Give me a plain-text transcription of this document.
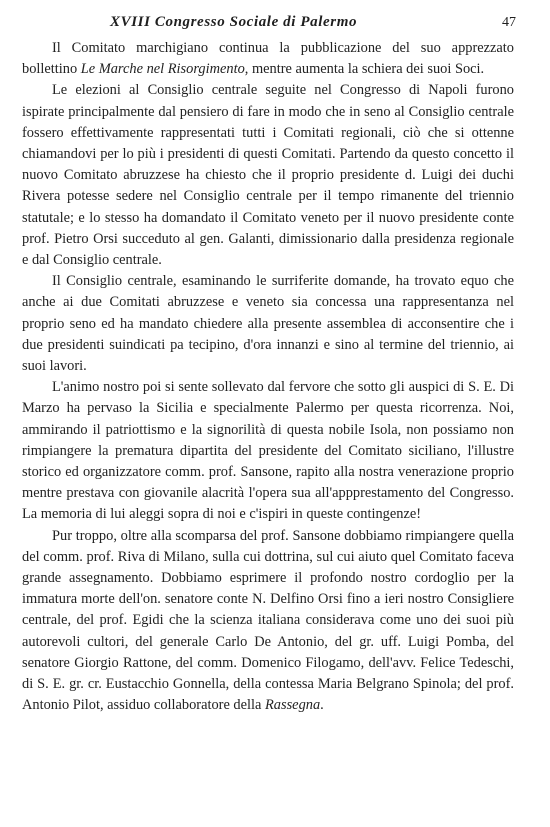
XVIII Congresso Sociale di Palermo	47

Il Comitato marchigiano continua la pubblicazione del suo apprezzato bollettino Le Marche nel Risorgimento, mentre aumenta la schiera dei suoi Soci.

Le elezioni al Consiglio centrale seguite nel Congresso di Napoli furono ispirate principalmente dal pensiero di fare in modo che in seno al Consiglio centrale fossero effettivamente rappresentati tutti i Comitati regionali, ciò che si ottenne chiamandovi per lo più i presidenti di questi Comitati. Partendo da questo concetto il nuovo Comitato abruzzese ha chiesto che il proprio presidente d. Luigi dei duchi Rivera potesse sedere nel Consiglio centrale per il tempo rimanente del triennio statutale; e lo stesso ha domandato il Comitato veneto per il nuovo presidente conte prof. Pietro Orsi succeduto al gen. Galanti, dimissionario dalla presidenza regionale e dal Consiglio centrale.

Il Consiglio centrale, esaminando le surriferite domande, ha trovato equo che anche ai due Comitati abruzzese e veneto sia concessa una rappresentanza nel proprio seno ed ha mandato chiedere alla presente assemblea di acconsentire che i due presidenti suindicati pa tecipino, d'ora innanzi e sino al termine del triennio, ai suoi lavori.

L'animo nostro poi si sente sollevato dal fervore che sotto gli auspici di S. E. Di Marzo ha pervaso la Sicilia e specialmente Palermo per questa ricorrenza. Noi, ammirando il patriottismo e la signorilità di questa nobile Isola, non possiamo non rimpiangere la prematura dipartita del presidente del Comitato siciliano, l'illustre storico ed organizzatore comm. prof. Sansone, rapito alla nostra venerazione proprio mentre prestava con giovanile alacrità l'opera sua all'appprestamento del Congresso. La memoria di lui aleggi sopra di noi e c'ispiri in queste contingenze!

Pur troppo, oltre alla scomparsa del prof. Sansone dobbiamo rimpiangere quella del comm. prof. Riva di Milano, sulla cui dottrina, sul cui aiuto quel Comitato faceva grande assegnamento. Dobbiamo esprimere il profondo nostro cordoglio per la immatura morte dell'on. senatore conte N. Delfino Orsi fino a ieri nostro Consigliere centrale, del prof. Egidi che la scienza italiana considerava come uno dei suoi più autorevoli cultori, del generale Carlo De Antonio, del gr. uff. Luigi Pomba, del senatore Giorgio Rattone, del comm. Domenico Filogamo, dell'avv. Felice Tedeschi, di S. E. gr. cr. Eustacchio Gonnella, della contessa Maria Belgrano Spinola; del prof. Antonio Pilot, assiduo collaboratore della Rassegna.
